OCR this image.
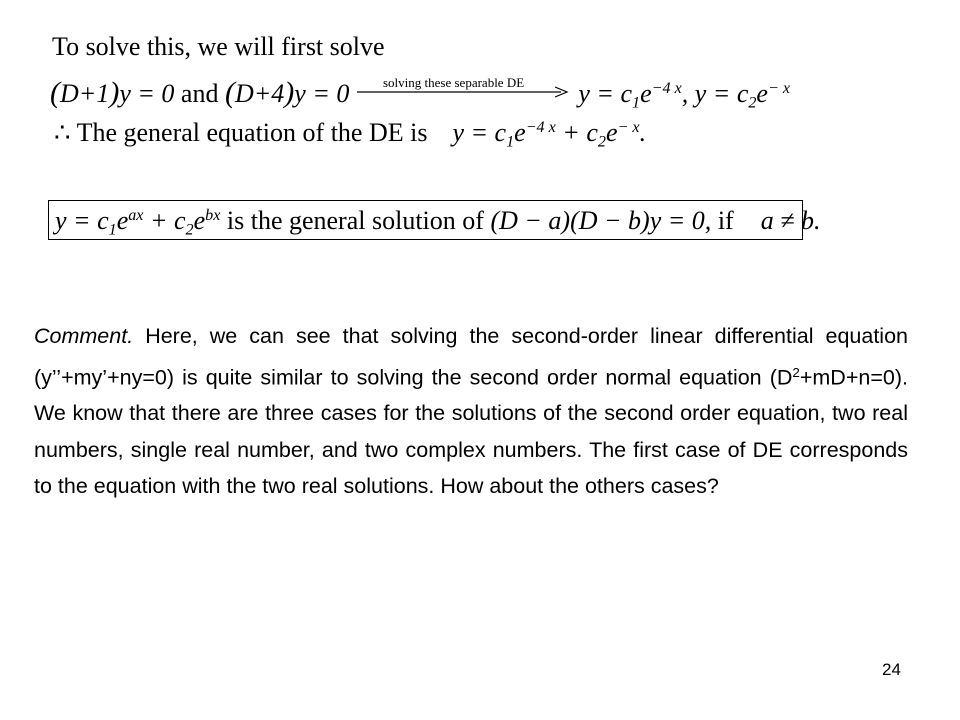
To solve this, we will first solve
(D+1)y = 0 and (D+4)y = 0	$y = c_1e^{-4 x}$, $y = c_2e^{- x}$
solving these separable DE
∴ The general equation of the DE is $y = c_1e^{-4 x} + c_2e^{- x}$.
$y = c_1e^{ax} + c_2e^{bx}$ is the general solution of (D − a)(D − b)y = 0, if a ≠ b.
Comment. Here, we can see that solving the second-order linear differential equation (y’’+my’+ny=0) is quite similar to solving the second order normal equation $(D^2+mD+n=0)$. We know that there are three cases for the solutions of the second order equation, two real numbers, single real number, and two complex numbers. The first case of DE corresponds to the equation with the two real solutions. How about the others cases?
24
